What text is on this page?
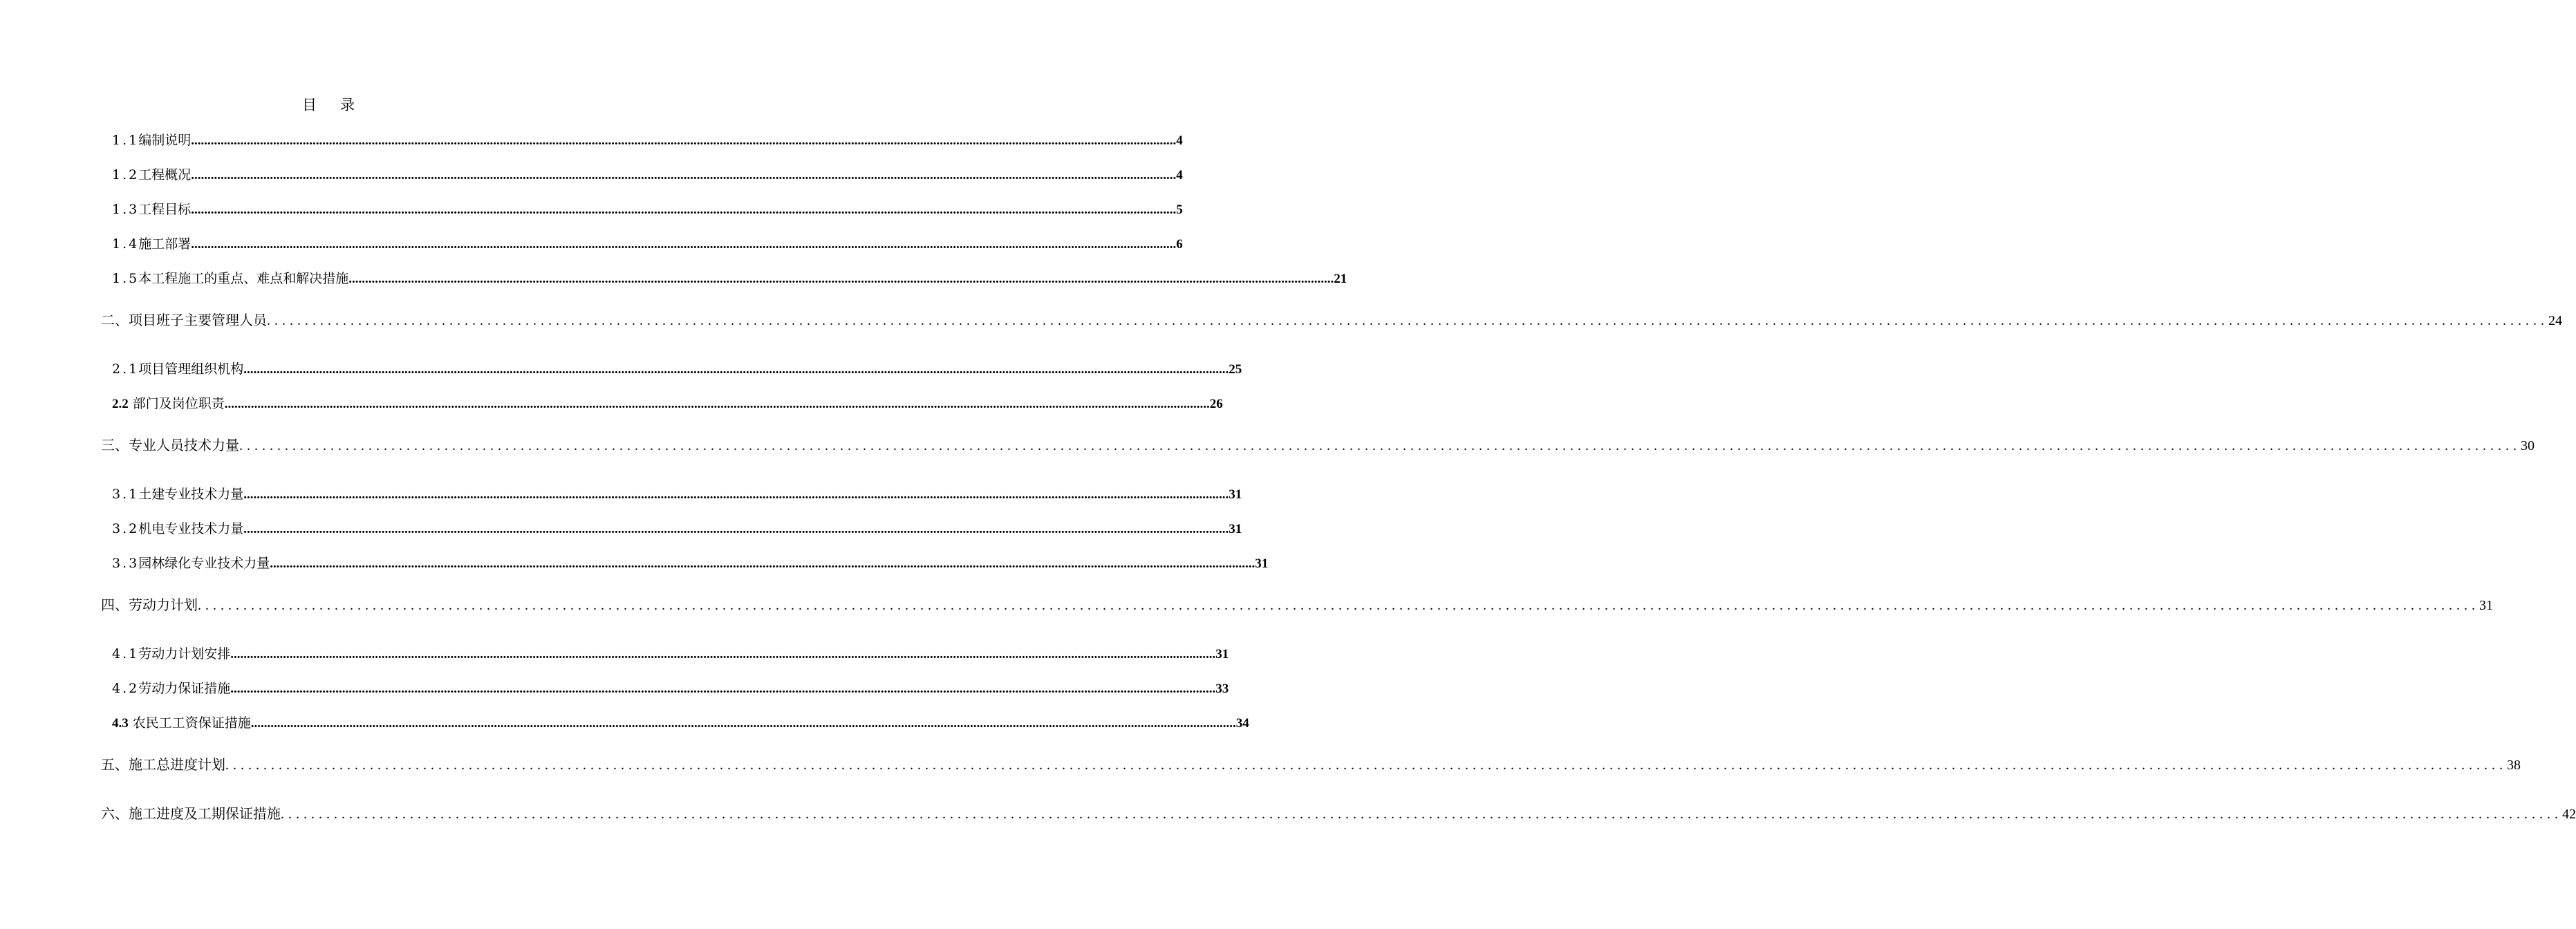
目录
1.1编制说明 ............................................................................................................................................................................................................................................................................................................ 4
1.2工程概况 ............................................................................................................................................................................................................................................................................................................ 4
1.3工程目标 ............................................................................................................................................................................................................................................................................................................ 5
1.4施工部署 ............................................................................................................................................................................................................................................................................................................ 6
1.5本工程施工的重点、难点和解决措施 ............................................................................................................................................................................................................................................................................................................ 21
二、项目班子主要管理人员 ............................................................................................................................................................................................................................................................................................................ 24
2.1项目管理组织机构 ............................................................................................................................................................................................................................................................................................................ 25
2.2 部门及岗位职责 ............................................................................................................................................................................................................................................................................................................ 26
三、专业人员技术力量 ............................................................................................................................................................................................................................................................................................................ 30
3.1土建专业技术力量 ............................................................................................................................................................................................................................................................................................................ 31
3.2机电专业技术力量 ............................................................................................................................................................................................................................................................................................................ 31
3.3园林绿化专业技术力量 ............................................................................................................................................................................................................................................................................................................ 31
四、劳动力计划 ............................................................................................................................................................................................................................................................................................................ 31
4.1劳动力计划安排 ............................................................................................................................................................................................................................................................................................................ 31
4.2劳动力保证措施 ............................................................................................................................................................................................................................................................................................................ 33
4.3 农民工工资保证措施 ............................................................................................................................................................................................................................................................................................................ 34
五、施工总进度计划 ............................................................................................................................................................................................................................................................................................................ 38
六、施工进度及工期保证措施 ............................................................................................................................................................................................................................................................................................................ 42
